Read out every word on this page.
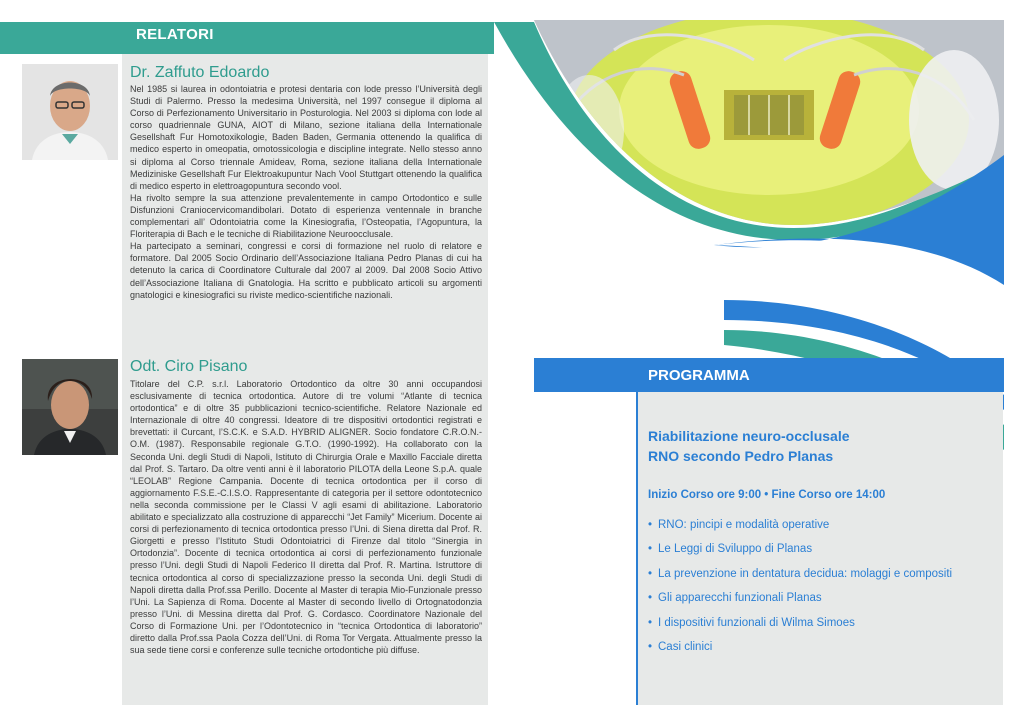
RELATORI
Dr. Zaffuto Edoardo

Nel 1985 si laurea in odontoiatria e protesi dentaria con lode presso l’Università degli Studi di Palermo. Presso la medesima Università, nel 1997 consegue il diploma al Corso di Perfezionamento Universitario in Posturologia. Nel 2003 si diploma con lode al corso quadriennale GUNA, AIOT di Milano, sezione italiana della Internationale Gesellshaft Fur Homotoxikologie, Baden Baden, Germania ottenendo la qualifica di medico esperto in omeopatia, omotossicologia e discipline integrate. Nello stesso anno si diploma al Corso triennale Amideav, Roma, sezione italiana della Internationale Mediziniske Gesellshaft Fur Elektroakupuntur Nach Vool Stuttgart ottenendo la qualifica di medico esperto in elettroagopuntura secondo vool.

Ha rivolto sempre la sua attenzione prevalentemente in campo Ortodontico e sulle Disfunzioni Craniocervicomandibolari. Dotato di esperienza ventennale in branche complementari all’ Odontoiatria come la Kinesiografia, l’Osteopatia, l’Agopuntura, la Floriterapia di Bach e le tecniche di Riabilitazione Neuroocclusale.

Ha partecipato a seminari, congressi e corsi di formazione nel ruolo di relatore e formatore. Dal 2005 Socio Ordinario dell’Associazione Italiana Pedro Planas di cui ha detenuto la carica di Coordinatore Culturale dal 2007 al 2009. Dal 2008 Socio Attivo dell’Associazione Italiana di Gnatologia. Ha scritto e pubblicato articoli su argomenti gnatologici e kinesiografici su riviste medico-scientifiche nazionali.

Odt. Ciro Pisano

Titolare del C.P. s.r.l. Laboratorio Ortodontico da oltre 30 anni occupandosi esclusivamente di tecnica ortodontica. Autore di tre volumi “Atlante di tecnica ortodontica” e di oltre 35 pubblicazioni tecnico-scientifiche. Relatore Nazionale ed Internazionale di oltre 40 congressi. Ideatore di tre dispositivi ortodontici registrati e brevettati: il Curcant, l’S.C.K. e S.A.D. HYBRID ALIGNER. Socio fondatore C.R.O.N.-O.M. (1987). Responsabile regionale G.T.O. (1990-1992). Ha collaborato con la Seconda Uni. degli Studi di Napoli, Istituto di Chirurgia Orale e Maxillo Facciale diretta dal Prof. S. Tartaro. Da oltre venti anni è il laboratorio PILOTA della Leone S.p.A. quale “LEOLAB” Regione Campania. Docente di tecnica ortodontica per il corso di aggiornamento F.S.E.-C.I.S.O. Rappresentante di categoria per il settore odontotecnico nella seconda commissione per le Classi V agli esami di abilitazione. Laboratorio abilitato e specializzato alla costruzione di apparecchi “Jet Family” Micerium. Docente ai corsi di perfezionamento di tecnica ortodontica presso l’Uni. di Siena diretta dal Prof. R. Giorgetti e presso l’Istituto Studi Odontoiatrici di Firenze dal titolo “Sinergia in Ortodonzia”. Docente di tecnica ortodontica ai corsi di perfezionamento funzionale presso l’Uni. degli Studi di Napoli Federico II diretta dal Prof. R. Martina. Istruttore di tecnica ortodontica al corso di specializzazione presso la seconda Uni. degli Studi di Napoli diretta dalla Prof.ssa Perillo. Docente al Master di terapia Mio-Funzionale presso l’Uni. La Sapienza di Roma. Docente al Master di secondo livello di Ortognatodonzia presso l’Uni. di Messina diretta dal Prof. G. Cordasco. Coordinatore Nazionale del Corso di Formazione Uni. per l’Odontotecnico in “tecnica Ortodontica di laboratorio” diretto dalla Prof.ssa Paola Cozza dell’Uni. di Roma Tor Vergata. Attualmente presso la sua sede tiene corsi e conferenze sulle tecniche ortodontiche più diffuse.

PROGRAMMA
Riabilitazione neuro-occlusale
RNO secondo Pedro Planas
Inizio Corso ore 9:00 • Fine Corso ore 14:00
• RNO: pincipi e modalità operative
• Le Leggi di Sviluppo di Planas
• La prevenzione in dentatura decidua: molaggi e compositi
• Gli apparecchi funzionali Planas
• I dispositivi funzionali di Wilma Simoes
• Casi clinici
